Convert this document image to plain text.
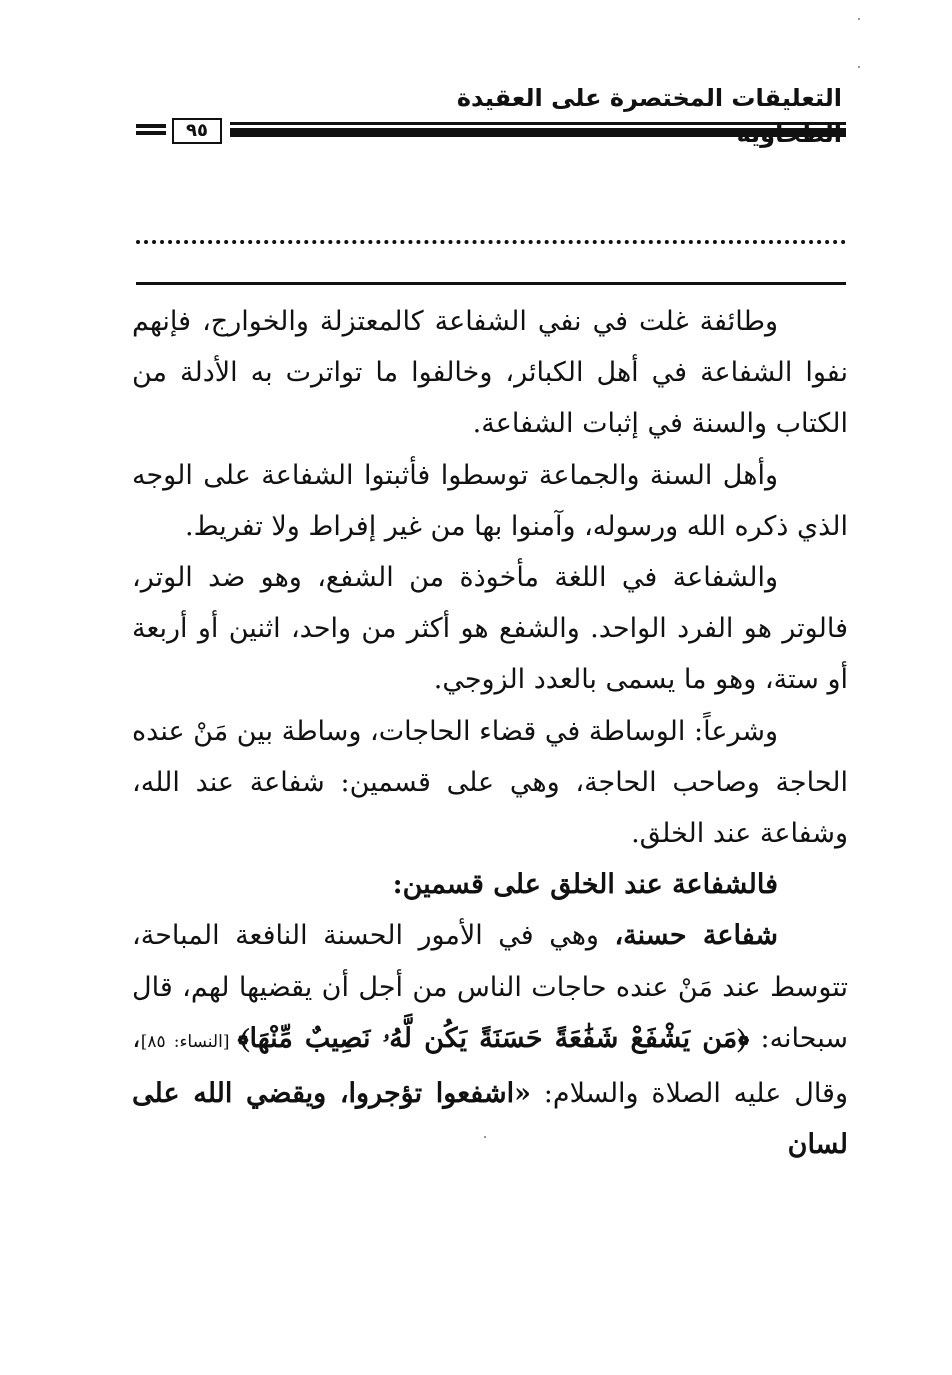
التعليقات المختصرة على العقيدة
٩٥

وطائفة غلت في نفي الشفاعة كالمعتزلة والخوارج، فإنهم نفوا الشفاعة في أهل الكبائر، وخالفوا ما تواترت به الأدلة من الكتاب والسنة في إثبات الشفاعة.

وأهل السنة والجماعة توسطوا فأثبتوا الشفاعة على الوجه الذي ذكره الله ورسوله، وآمنوا بها من غير إفراط ولا تفريط.

والشفاعة في اللغة مأخوذة من الشفع، وهو ضد الوتر، فالوتر هو الفرد الواحد. والشفع هو أكثر من واحد، اثنين أو أربعة أو ستة، وهو ما يسمى بالعدد الزوجي.

وشرعاً: الوساطة في قضاء الحاجات، وساطة بين مَنْ عنده الحاجة وصاحب الحاجة، وهي على قسمين: شفاعة عند الله، وشفاعة عند الخلق.

فالشفاعة عند الخلق على قسمين:

شفاعة حسنة، وهي في الأمور الحسنة النافعة المباحة، تتوسط عند مَنْ عنده حاجات الناس من أجل أن يقضيها لهم، قال سبحانه: ﴿مَن يَشْفَعْ شَفَٰعَةً حَسَنَةً يَكُن لَّهُۥ نَصِيبٌ مِّنْهَا﴾ [النساء: ٨٥]، وقال عليه الصلاة والسلام: «اشفعوا تؤجروا، ويقضي الله على لسان
